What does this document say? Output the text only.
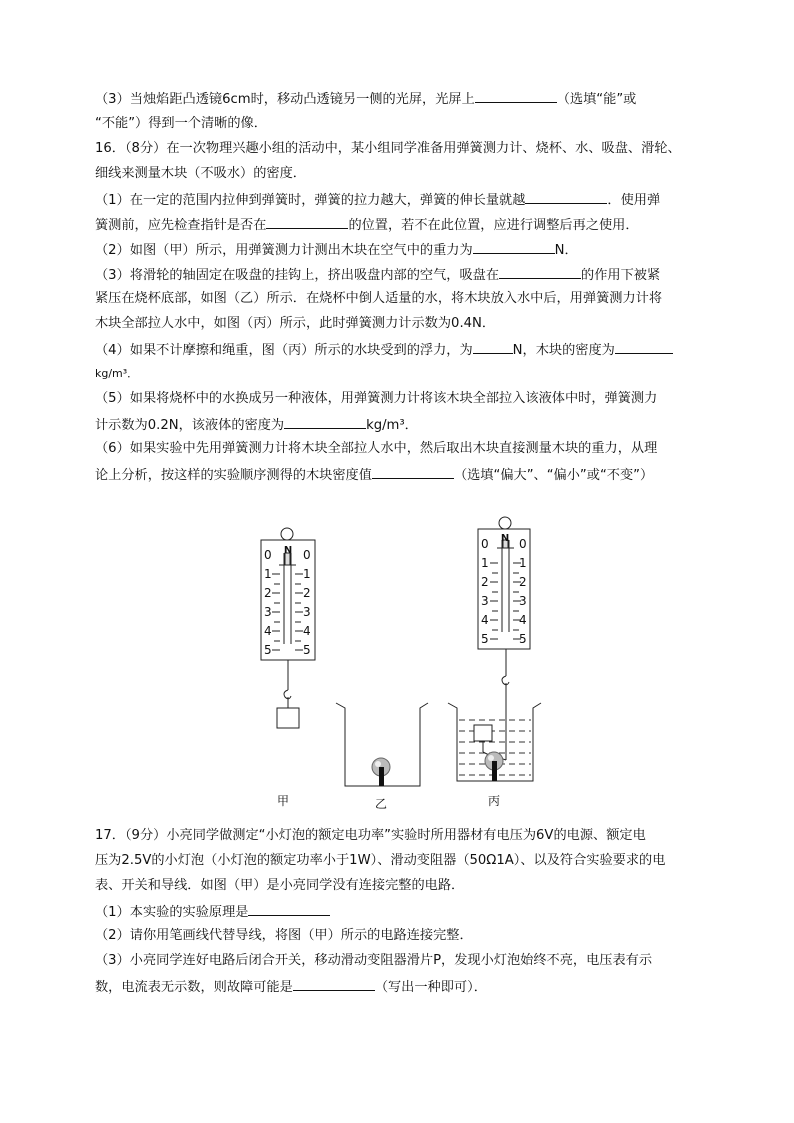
（3）当烛焰距凸透镜6cm时，移动凸透镜另一侧的光屏，光屏上	（选填“能”或
“不能”）得到一个清晰的像．
16．（8分）在一次物理兴趣小组的活动中，某小组同学准备用弹簧测力计、烧杯、水、吸盘、滑轮、
细线来测量木块（不吸水）的密度．
（1）在一定的范围内拉伸到弹簧时，弹簧的拉力越大，弹簧的伸长量就越	．使用弹
簧测前，应先检查指针是否在	的位置，若不在此位置，应进行调整后再之使用．
（2）如图（甲）所示，用弹簧测力计测出木块在空气中的重力为	N．
（3）将滑轮的轴固定在吸盘的挂钩上，挤出吸盘内部的空气，吸盘在	的作用下被紧
紧压在烧杯底部，如图（乙）所示．在烧杯中倒人适量的水，将木块放入水中后，用弹簧测力计将
木块全部拉人水中，如图（丙）所示，此时弹簧测力计示数为0.4N．
（4）如果不计摩擦和绳重，图（丙）所示的水块受到的浮力，为	N，木块的密度为
kg/m³．
（5）如果将烧杯中的水换成另一种液体，用弹簧测力计将该木块全部拉入该液体中时，弹簧测力
计示数为0.2N，该液体的密度为	kg/m³．
（6）如果实验中先用弹簧测力计将木块全部拉人水中，然后取出木块直接测量木块的重力，从理
论上分析，按这样的实验顺序测得的木块密度值	（选填“偏大”、“偏小”或“不变”）
N
0
1
2
3
4
5
0
1
2
3
4
5
N
0
1
2
3
4
5
0
1
2
3
4
5
甲	乙	丙
17．（9分）小亮同学做测定“小灯泡的额定电功率”实验时所用器材有电压为6V的电源、额定电
压为2.5V的小灯泡（小灯泡的额定功率小于1W）、滑动变阻器（50Ω1A）、以及符合实验要求的电
表、开关和导线．如图（甲）是小亮同学没有连接完整的电路．
（1）本实验的实验原理是
（2）请你用笔画线代替导线，将图（甲）所示的电路连接完整．
（3）小亮同学连好电路后闭合开关，移动滑动变阻器滑片P，发现小灯泡始终不亮，电压表有示
数，电流表无示数，则故障可能是	（写出一种即可）．
